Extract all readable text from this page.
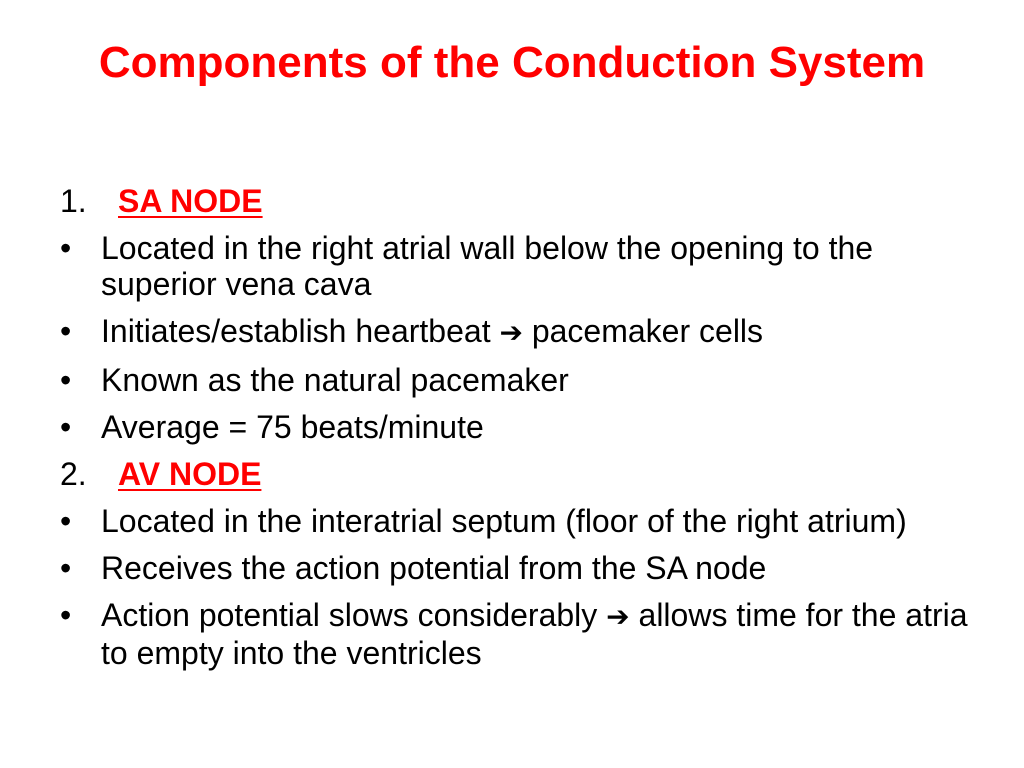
Components of the Conduction System
1. SA NODE
• Located in the right atrial wall below the opening to the superior vena cava
• Initiates/establish heartbeat ➔ pacemaker cells
• Known as the natural pacemaker
• Average = 75 beats/minute
2. AV NODE
• Located in the interatrial septum (floor of the right atrium)
• Receives the action potential from the SA node
• Action potential slows considerably ➔ allows time for the atria to empty into the ventricles
